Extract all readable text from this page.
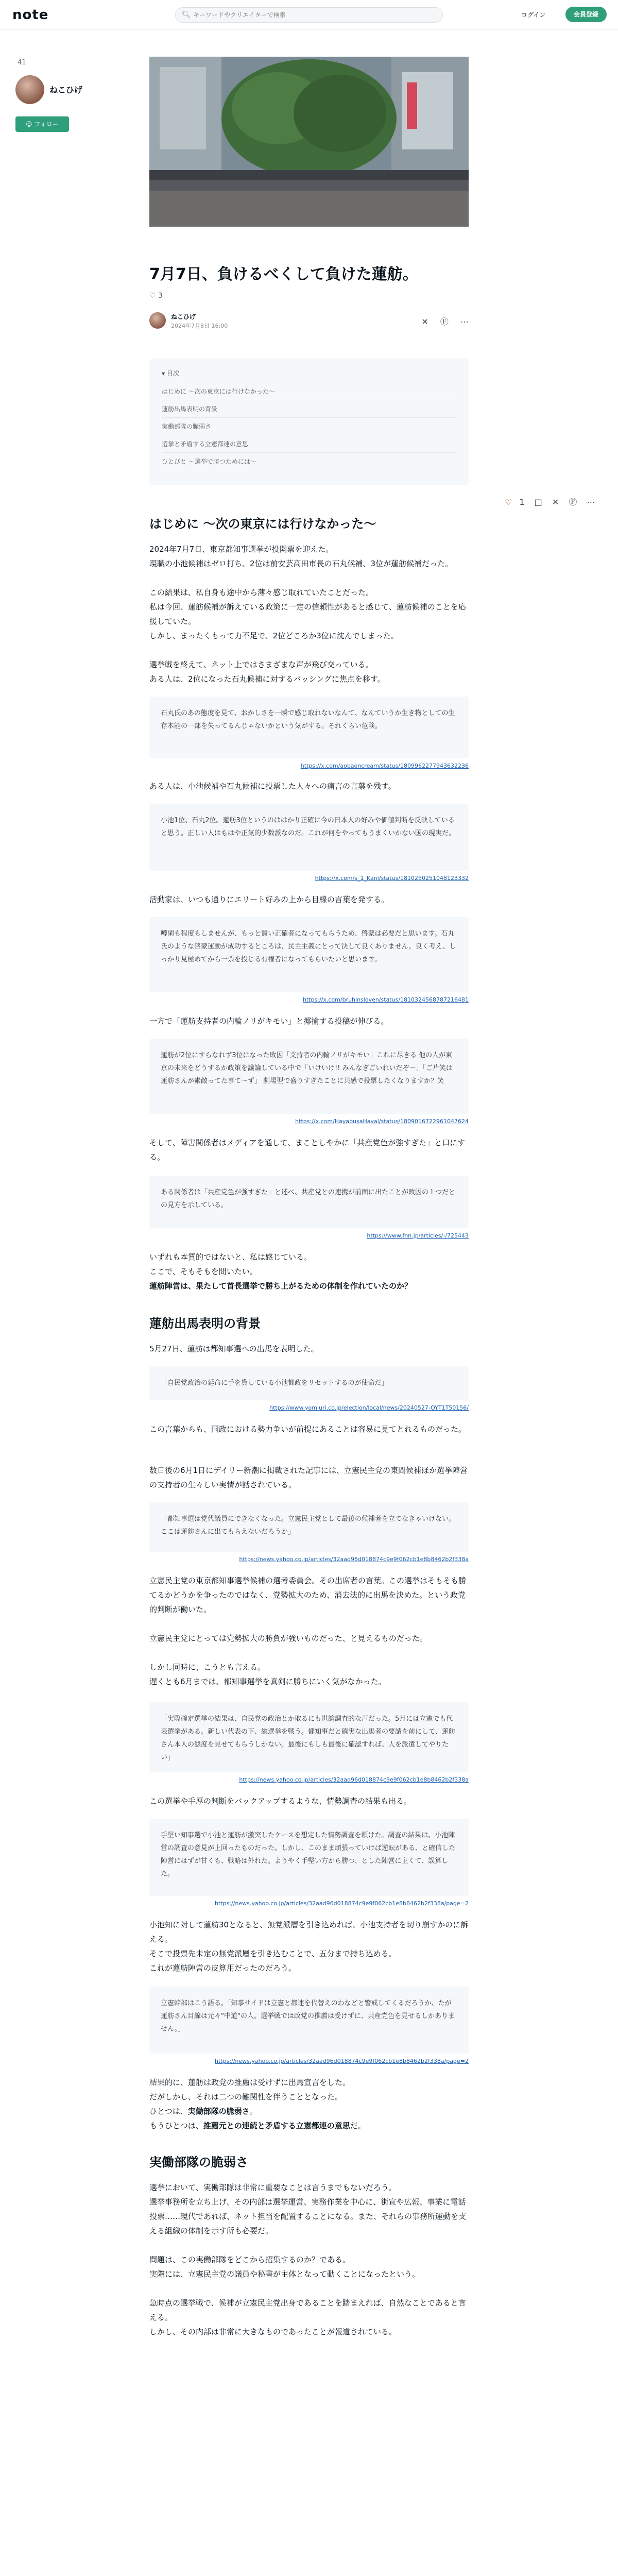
note	🔍︎
キーワードやクリエイターで検索	ログイン	会員登録
41
ねこひげ
☺ フォロー
7月7日、負けるべくして負けた蓮舫。
♡ 3
ねこひげ
2024年7月8日 16:00	✕ Ⓕ ⋯
▾ 目次
はじめに ～次の東京には行けなかった～
蓮舫出馬表明の背景
実働部隊の脆弱さ
選挙と矛盾する立憲都連の意思
ひとびと ～選挙で勝つためには～
♡ 1 □ ✕ Ⓕ ⋯
はじめに ～次の東京には行けなかった～
2024年7月7日、東京都知事選挙が投開票を迎えた。
現職の小池候補はゼロ打ち、2位は前安芸高田市長の石丸候補、3位が蓮舫候補だった。
この結果は、私自身も途中から薄々感じ取れていたことだった。
私は今回、蓮舫候補が訴えている政策に一定の信頼性があると感じて、蓮舫候補のことを応援していた。
しかし、まったくもって力不足で、2位どころか3位に沈んでしまった。
選挙戦を終えて、ネット上ではさまざまな声が飛び交っている。
ある人は、2位になった石丸候補に対するバッシングに焦点を移す。
石丸氏のあの態度を見て、おかしさを一瞬で感じ取れないなんて、なんていうか生き物としての生存本能の一部を失ってるんじゃないかという気がする。それくらい危険。
https://x.com/aobaoncream/status/1809962277943632236
ある人は、小池候補や石丸候補に投票した人々への痛言の言葉を残す。
小池1位、石丸2位。蓮舫3位というのははかり正確に今の日本人の好みや価値判断を反映していると思う。正しい人はもはや正気的少数派なのだ。これが何をやってもうまくいかない国の現実だ。
https://x.com/s_1_Kani/status/1810250251048123332
活動家は、いつも通りにエリート好みの上から目線の言葉を発する。
噂閑も程度もしませんが、もっと賢い正確者になってもらうため、啓蒙は必要だと思います。石丸氏のような啓蒙運動が成功するところは、民主主義にとって決して良くありません。良く考え、しっかり見極めてから一票を投じる有権者になってもらいたいと思います。
https://x.com/bruhinsloven/status/1810324568787216481
一方で「蓮舫支持者の内輪ノリがキモい」と揶揄する投稿が伸びる。
蓮舫が2位にすらなれず3位になった敗因「支持者の内輪ノリがキモい」これに尽きる 他の人が東京の未来をどうするか政策を議論している中で「いけいけ!! みんなぎごいれいだぞ～」「ご片笑は蓮舫さんが素敵ってた事て～ず」 劇場型で盛りすぎたことに共感で投票したくなりますか？笑
https://x.com/HayabusaHayal/status/1809016722961047624
そして、障害関係者はメディアを通して、まことしやかに「共産党色が強すぎた」と口にする。
ある関係者は「共産党色が強すぎた」と述べ、共産党との連携が前面に出たことが敗因の１つだとの見方を示している。
https://www.fnn.jp/articles/-/725443
いずれも本質的ではないと、私は感じている。
ここで、そもそもを問いたい。
蓮舫陣営は、果たして首長選挙で勝ち上がるための体制を作れていたのか？
蓮舫出馬表明の背景
5月27日、蓮舫は都知事選への出馬を表明した。
「自民党政治の延命に手を貸している小池都政をリセットするのが使命だ」
https://www.yomiuri.co.jp/election/local/news/20240527-OYT1T50156/
この言葉からも、国政における勢力争いが前提にあることは容易に見てとれるものだった。
数日後の6月1日にデイリー新潮に掲載された記事には、立憲民主党の東間候補ほか選挙陣営の支持者の生々しい実情が話されている。
「都知事選は党代議員にできなくなった。立憲民主党として最後の候補者を立てなきゃいけない。ここは蓮舫さんに出てもらえないだろうか」
https://news.yahoo.co.jp/articles/32aad96d018874c9e9f062cb1e8b8462b2f338a
立憲民主党の東京都知事選挙候補の選考委員会。その出席者の言葉。この選挙はそもそも勝てるかどうかを争ったのではなく、党勢拡大のため、消去法的に出馬を決めた。という政党的判断が働いた。
立憲民主党にとっては党勢拡大の勝負が強いものだった、と見えるものだった。
しかし同時に、こうとも言える。
遅くとも6月までは、都知事選挙を真剣に勝ちにいく気がなかった。
「実際確定選挙の結果は、自民党の政治とか取るにも世論調査的な声だった。5月には立憲でも代表選挙がある。新しい代表の下、総選挙を戦う。都知事だと確実な出馬者の要請を前にして、蓮舫さん本人の態度を見せてもらうしかない。最後にもしも最後に確認すれば、人を派遣してやりたい」
https://news.yahoo.co.jp/articles/32aad96d018874c9e9f062cb1e8b8462b2f338a
この選挙や手厚の判断をバックアップするような、情勢調査の結果も出る。
手堅い知事選で小池と蓮舫が激突したケースを想定した情勢調査を頼けた。調査の結果は、小池陣営の調査の意見が上回ったものだった。しかし、このまま頑張っていけば逆転がある、と確信した陣営にはずが甘くも、戦略は外れた。ようやく手堅い方から勝つ、とした陣営に主くて、誤算した。
https://news.yahoo.co.jp/articles/32aad96d018874c9e9f062cb1e8b8462b2f338a/page=2
小池知に対して蓮舫30となると、無党派層を引き込めれば、小池支持者を切り崩すかのに訴える。
そこで投票先未定の無党派層を引き込むことで、五分まで持ち込める。
これが蓮舫陣営の皮算用だったのだろう。
立憲幹部はこう語る。「知事サイドは立憲と都連を代替えのわなどと警戒してくるだろうか、たが蓮舫さん目線は元々"中道"の人。選挙戦では政党の推薦は受けずに、共産党色を見せるしかありません。」
https://news.yahoo.co.jp/articles/32aad96d018874c9e9f062cb1e8b8462b2f338a/page=2
結果的に、蓮舫は政党の推薦は受けずに出馬宣言をした。
だがしかし、それは二つの難関性を伴うこととなった。
ひとつは、実働部隊の脆弱さ。
もうひとつは、推薦元との連続と矛盾する立憲都連の意思だ。
実働部隊の脆弱さ
選挙において、実働部隊は非常に重要なことは言うまでもないだろう。
選挙事務所を立ち上げ、その内部は選挙運営、実務作業を中心に、街宣や広報、事業に電話投票……現代であれば、ネット担当を配置することになる。また、それらの事務所運動を支える組織の体制を示す所も必要だ。
問題は、この実働部隊をどこから招集するのか？である。
実際には、立憲民主党の議員や秘書が主体となって動くことになったという。
急時点の選挙戦で、候補が立憲民主党出身であることを踏まえれば、自然なことであると言える。
しかし、その内部は非常に大きなものであったことが報道されている。
